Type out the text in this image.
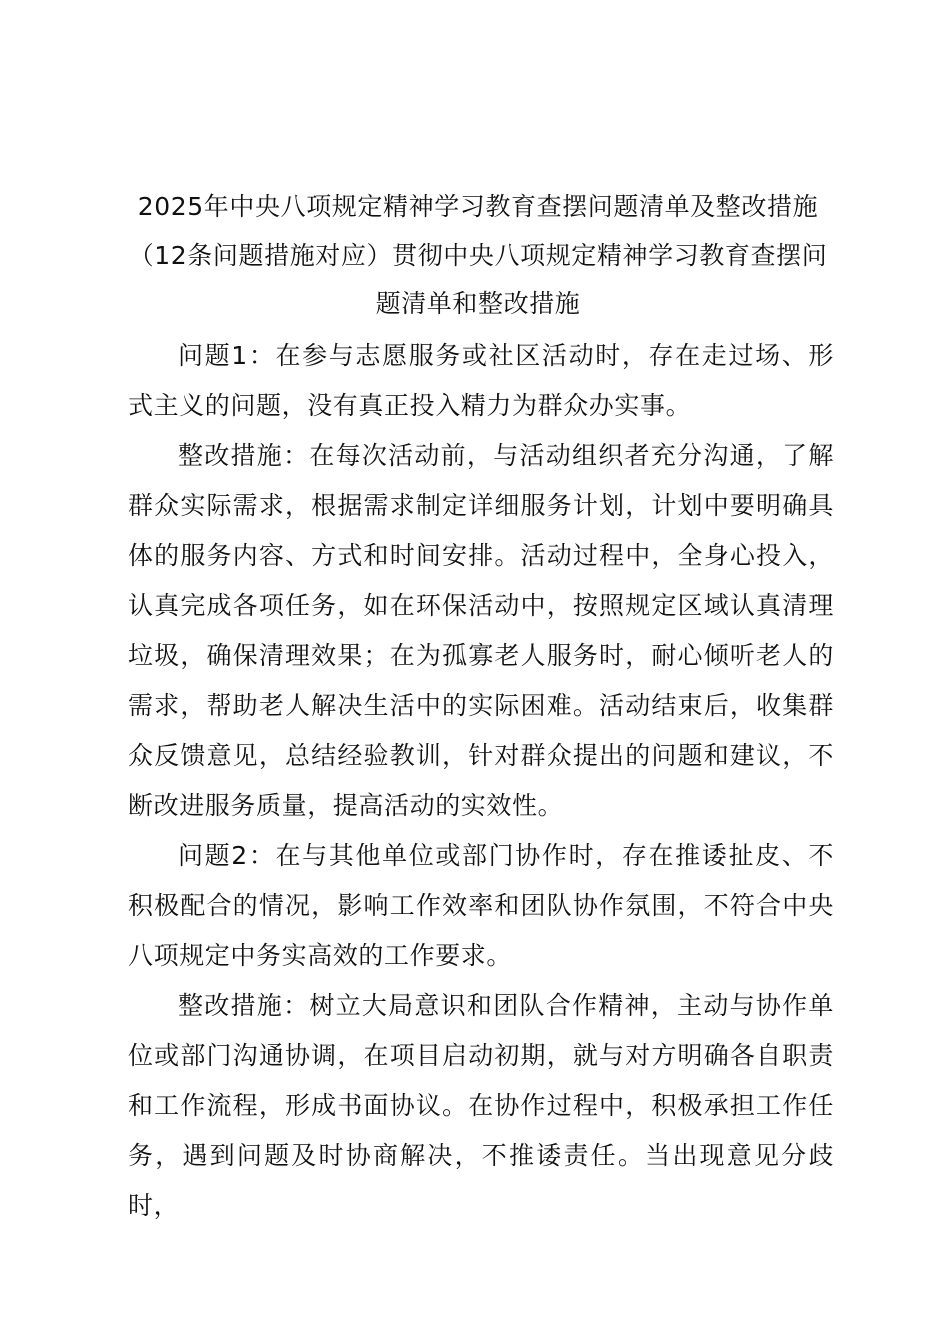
2025年中央八项规定精神学习教育查摆问题清单及整改措施（12条问题措施对应）贯彻中央八项规定精神学习教育查摆问题清单和整改措施

问题1：在参与志愿服务或社区活动时，存在走过场、形式主义的问题，没有真正投入精力为群众办实事。

整改措施：在每次活动前，与活动组织者充分沟通，了解群众实际需求，根据需求制定详细服务计划，计划中要明确具体的服务内容、方式和时间安排。活动过程中，全身心投入，认真完成各项任务，如在环保活动中，按照规定区域认真清理垃圾，确保清理效果；在为孤寡老人服务时，耐心倾听老人的需求，帮助老人解决生活中的实际困难。活动结束后，收集群众反馈意见，总结经验教训，针对群众提出的问题和建议，不断改进服务质量，提高活动的实效性。

问题2：在与其他单位或部门协作时，存在推诿扯皮、不积极配合的情况，影响工作效率和团队协作氛围，不符合中央八项规定中务实高效的工作要求。

整改措施：树立大局意识和团队合作精神，主动与协作单位或部门沟通协调，在项目启动初期，就与对方明确各自职责和工作流程，形成书面协议。在协作过程中，积极承担工作任务，遇到问题及时协商解决，不推诿责任。当出现意见分歧时，
